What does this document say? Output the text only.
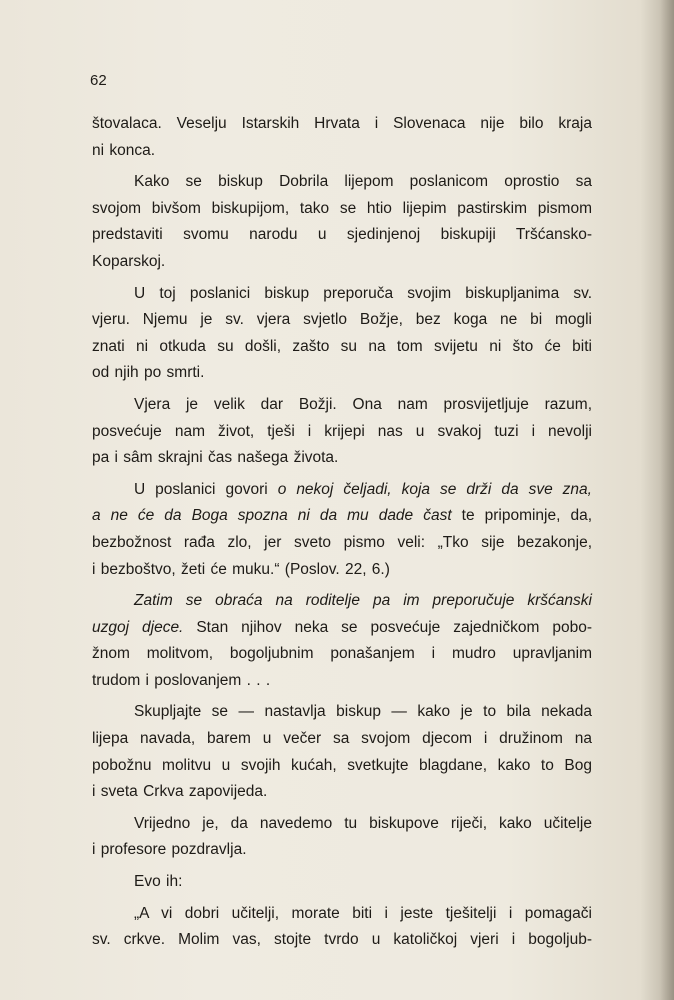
62
štovalaca. Veselju Istarskih Hrvata i Slovenaca nije bilo kraja
ni konca.
Kako se biskup Dobrila lijepom poslanicom oprostio sa
svojom bivšom biskupijom, tako se htio lijepim pastirskim pismom
predstaviti svomu narodu u sjedinjenoj biskupiji Tršćansko-
Koparskoj.
U toj poslanici biskup preporuča svojim biskupljanima sv.
vjeru. Njemu je sv. vjera svjetlo Božje, bez koga ne bi mogli
znati ni otkuda su došli, zašto su na tom svijetu ni što će biti
od njih po smrti.
Vjera je velik dar Božji. Ona nam prosvijetljuje razum,
posvećuje nam život, tješi i krijepi nas u svakoj tuzi i nevolji
pa i sâm skrajni čas našega života.
U poslanici govori o nekoj čeljadi, koja se drži da sve zna,
a ne će da Boga spozna ni da mu dade čast te pripominje, da,
bezbožnost rađa zlo, jer sveto pismo veli: „Tko sije bezakonje,
i bezboštvo, žeti će muku.“ (Poslov. 22, 6.)
Zatim se obraća na roditelje pa im preporučuje kršćanski
uzgoj djece. Stan njihov neka se posvećuje zajedničkom pobo-
žnom molitvom, bogoljubnim ponašanjem i mudro upravljanim
trudom i poslovanjem . . .
Skupljajte se — nastavlja biskup — kako je to bila nekada
lijepa navada, barem u večer sa svojom djecom i družinom na
pobožnu molitvu u svojih kućah, svetkujte blagdane, kako to Bog
i sveta Crkva zapovijeda.
Vrijedno je, da navedemo tu biskupove riječi, kako učitelje
i profesore pozdravlja.
Evo ih:
„A vi dobri učitelji, morate biti i jeste tješitelji i pomagači
sv. crkve. Molim vas, stojte tvrdo u katoličkoj vjeri i bogoljub-
